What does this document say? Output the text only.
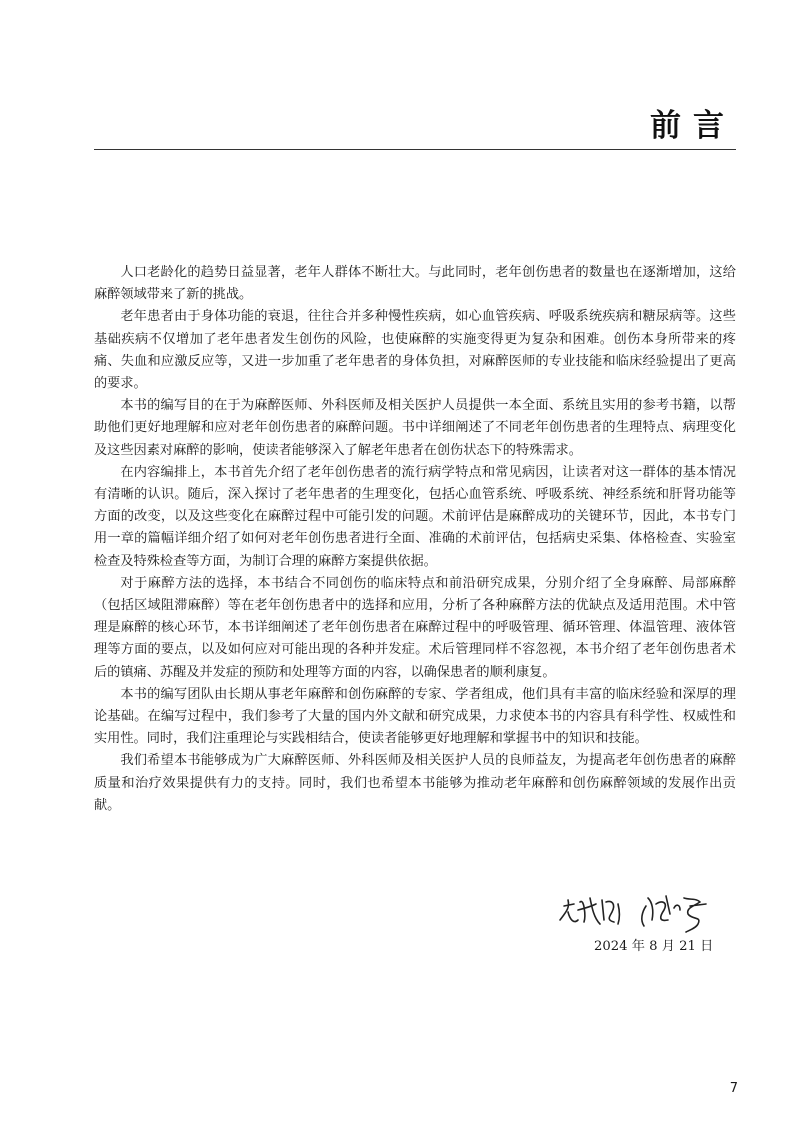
前言

人口老龄化的趋势日益显著，老年人群体不断壮大。与此同时，老年创伤患者的数量也在逐渐增加，这给麻醉领域带来了新的挑战。

老年患者由于身体功能的衰退，往往合并多种慢性疾病，如心血管疾病、呼吸系统疾病和糖尿病等。这些基础疾病不仅增加了老年患者发生创伤的风险，也使麻醉的实施变得更为复杂和困难。创伤本身所带来的疼痛、失血和应激反应等，又进一步加重了老年患者的身体负担，对麻醉医师的专业技能和临床经验提出了更高的要求。

本书的编写目的在于为麻醉医师、外科医师及相关医护人员提供一本全面、系统且实用的参考书籍，以帮助他们更好地理解和应对老年创伤患者的麻醉问题。书中详细阐述了不同老年创伤患者的生理特点、病理变化及这些因素对麻醉的影响，使读者能够深入了解老年患者在创伤状态下的特殊需求。

在内容编排上，本书首先介绍了老年创伤患者的流行病学特点和常见病因，让读者对这一群体的基本情况有清晰的认识。随后，深入探讨了老年患者的生理变化，包括心血管系统、呼吸系统、神经系统和肝肾功能等方面的改变，以及这些变化在麻醉过程中可能引发的问题。术前评估是麻醉成功的关键环节，因此，本书专门用一章的篇幅详细介绍了如何对老年创伤患者进行全面、准确的术前评估，包括病史采集、体格检查、实验室检查及特殊检查等方面，为制订合理的麻醉方案提供依据。

对于麻醉方法的选择，本书结合不同创伤的临床特点和前沿研究成果，分别介绍了全身麻醉、局部麻醉（包括区域阻滞麻醉）等在老年创伤患者中的选择和应用，分析了各种麻醉方法的优缺点及适用范围。术中管理是麻醉的核心环节，本书详细阐述了老年创伤患者在麻醉过程中的呼吸管理、循环管理、体温管理、液体管理等方面的要点，以及如何应对可能出现的各种并发症。术后管理同样不容忽视，本书介绍了老年创伤患者术后的镇痛、苏醒及并发症的预防和处理等方面的内容，以确保患者的顺利康复。

本书的编写团队由长期从事老年麻醉和创伤麻醉的专家、学者组成，他们具有丰富的临床经验和深厚的理论基础。在编写过程中，我们参考了大量的国内外文献和研究成果，力求使本书的内容具有科学性、权威性和实用性。同时，我们注重理论与实践相结合，使读者能够更好地理解和掌握书中的知识和技能。

我们希望本书能够成为广大麻醉医师、外科医师及相关医护人员的良师益友，为提高老年创伤患者的麻醉质量和治疗效果提供有力的支持。同时，我们也希望本书能够为推动老年麻醉和创伤麻醉领域的发展作出贡献。

2024 年 8 月 21 日
7
